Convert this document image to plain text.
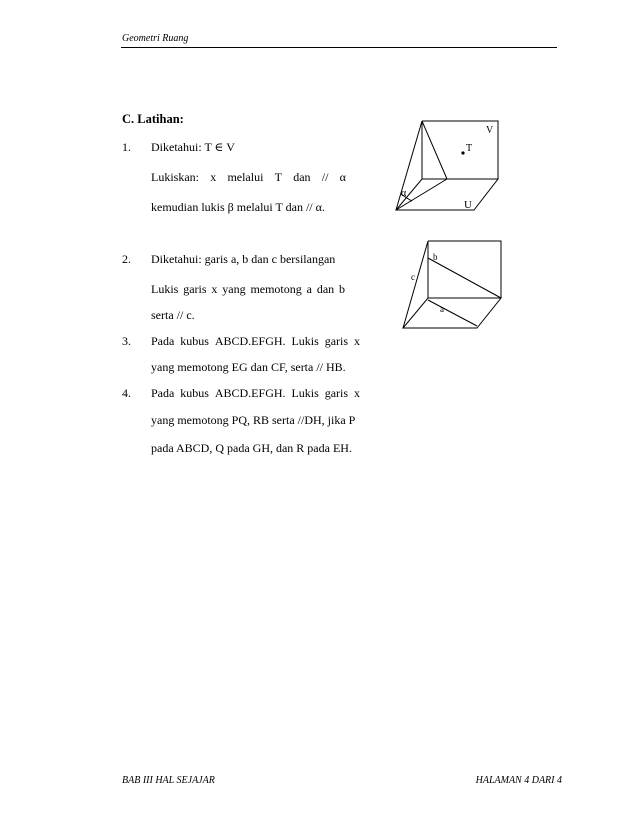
Geometri Ruang
C. Latihan:
1. Diketahui: T ∈ V
Lukiskan: x melalui T dan // α
kemudian lukis β melalui T dan // α.
2. Diketahui: garis a, b dan c bersilangan
Lukis garis x yang memotong a dan b
serta // c.
3. Pada kubus ABCD.EFGH. Lukis garis x
yang memotong EG dan CF, serta // HB.
4. Pada kubus ABCD.EFGH. Lukis garis x
yang memotong PQ, RB serta //DH, jika P
pada ABCD, Q pada GH, dan R pada EH.
V
T
α
U
b
c
a
BAB III HAL SEJAJAR	HALAMAN 4 DARI 4
